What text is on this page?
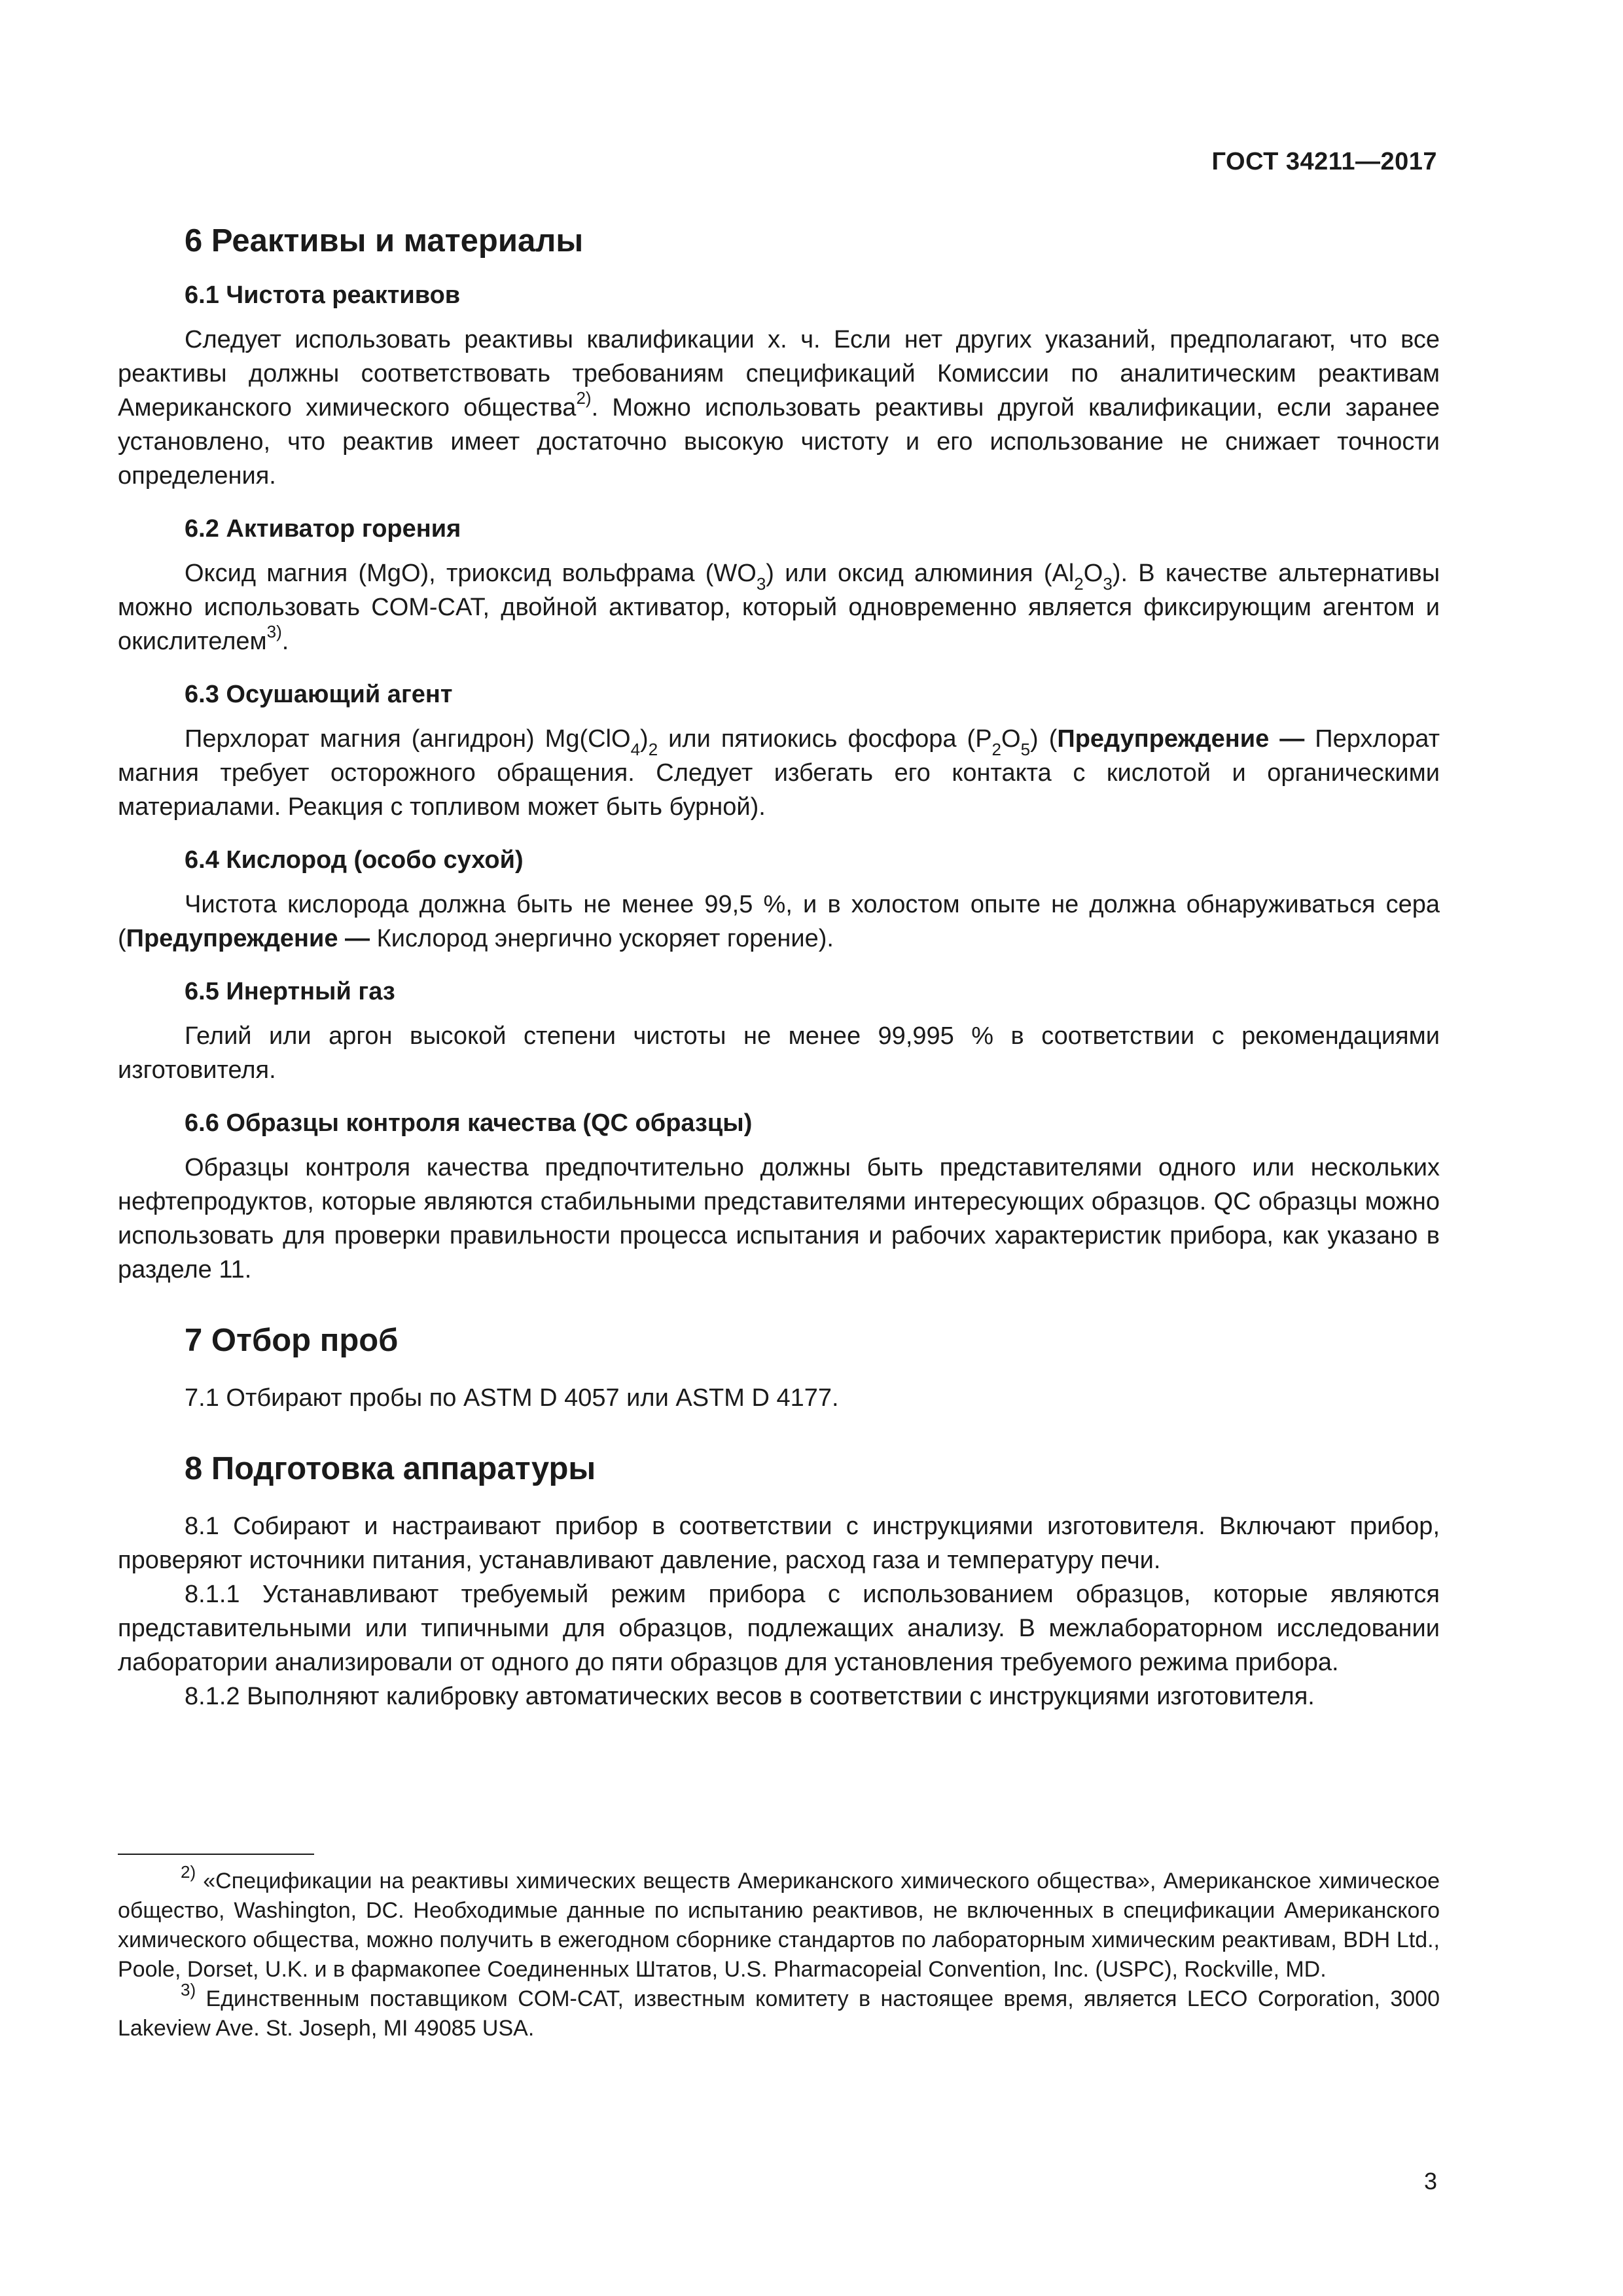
ГОСТ 34211—2017
6 Реактивы и материалы
6.1 Чистота реактивов

Следует использовать реактивы квалификации х. ч. Если нет других указаний, предполагают, что все реактивы должны соответствовать требованиям спецификаций Комиссии по аналитическим реактивам Американского химического общества$^{2)}$. Можно использовать реактивы другой квалификации, если заранее установлено, что реактив имеет достаточно высокую чистоту и его использование не снижает точности определения.

6.2 Активатор горения

Оксид магния (MgO), триоксид вольфрама $(WO_3)$ или оксид алюминия $(Al_2O_3)$. В качестве альтернативы можно использовать COM-CAT, двойной активатор, который одновременно является фиксирующим агентом и окислителем$^{3)}$.

6.3 Осушающий агент

Перхлорат магния (ангидрон) $Mg(ClO_4)_2$ или пятиокись фосфора $(P_2O_5)$ (Предупреждение — Перхлорат магния требует осторожного обращения. Следует избегать его контакта с кислотой и органическими материалами. Реакция с топливом может быть бурной).

6.4 Кислород (особо сухой)

Чистота кислорода должна быть не менее 99,5 %, и в холостом опыте не должна обнаруживаться сера (Предупреждение — Кислород энергично ускоряет горение).

6.5 Инертный газ

Гелий или аргон высокой степени чистоты не менее 99,995 % в соответствии с рекомендациями изготовителя.

6.6 Образцы контроля качества (QC образцы)

Образцы контроля качества предпочтительно должны быть представителями одного или нескольких нефтепродуктов, которые являются стабильными представителями интересующих образцов. QC образцы можно использовать для проверки правильности процесса испытания и рабочих характеристик прибора, как указано в разделе 11.

7 Отбор проб

7.1 Отбирают пробы по ASTM D 4057 или ASTM D 4177.

8 Подготовка аппаратуры

8.1 Собирают и настраивают прибор в соответствии с инструкциями изготовителя. Включают прибор, проверяют источники питания, устанавливают давление, расход газа и температуру печи.

8.1.1 Устанавливают требуемый режим прибора с использованием образцов, которые являются представительными или типичными для образцов, подлежащих анализу. В межлабораторном исследовании лаборатории анализировали от одного до пяти образцов для установления требуемого режима прибора.

8.1.2 Выполняют калибровку автоматических весов в соответствии с инструкциями изготовителя.

$^{2)}$ «Спецификации на реактивы химических веществ Американского химического общества», Американское химическое общество, Washington, DC. Необходимые данные по испытанию реактивов, не включенных в спецификации Американского химического общества, можно получить в ежегодном сборнике стандартов по лабораторным химическим реактивам, BDH Ltd., Poole, Dorset, U.K. и в фармакопее Соединенных Штатов, U.S. Pharmacopeial Convention, Inc. (USPC), Rockville, MD.

$^{3)}$ Единственным поставщиком COM-CAT, известным комитету в настоящее время, является LECO Corporation, 3000 Lakeview Ave. St. Joseph, MI 49085 USA.

3
